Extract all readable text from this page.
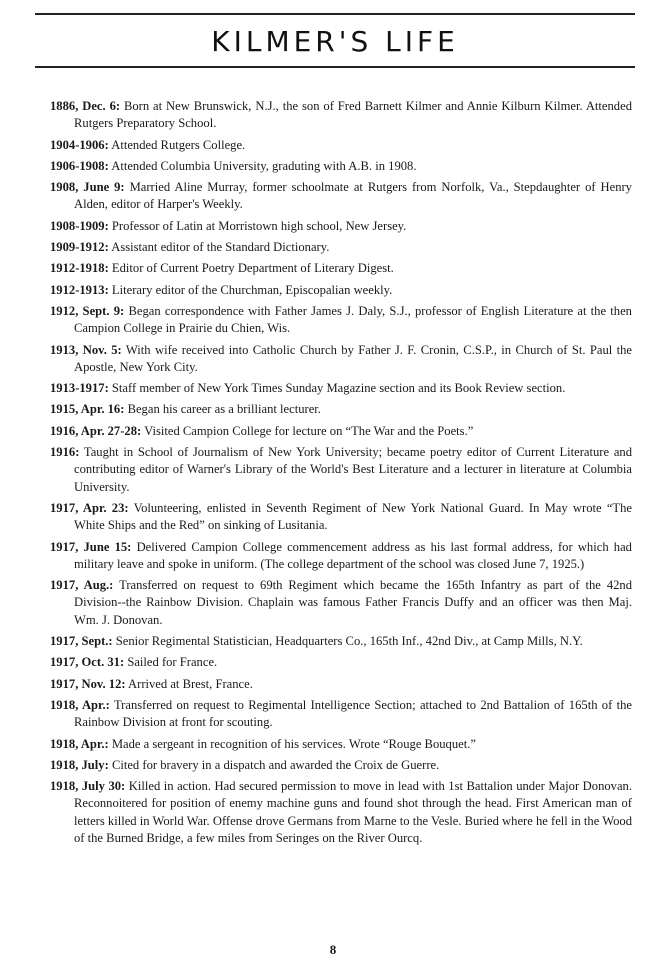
KILMER'S LIFE

1886, Dec. 6: Born at New Brunswick, N.J., the son of Fred Barnett Kilmer and Annie Kilburn Kilmer. Attended Rutgers Preparatory School.

1904-1906: Attended Rutgers College.

1906-1908: Attended Columbia University, graduting with A.B. in 1908.

1908, June 9: Married Aline Murray, former schoolmate at Rutgers from Norfolk, Va., Stepdaughter of Henry Alden, editor of Harper's Weekly.

1908-1909: Professor of Latin at Morristown high school, New Jersey.

1909-1912: Assistant editor of the Standard Dictionary.

1912-1918: Editor of Current Poetry Department of Literary Digest.

1912-1913: Literary editor of the Churchman, Episcopalian weekly.

1912, Sept. 9: Began correspondence with Father James J. Daly, S.J., professor of English Literature at the then Campion College in Prairie du Chien, Wis.

1913, Nov. 5: With wife received into Catholic Church by Father J. F. Cronin, C.S.P., in Church of St. Paul the Apostle, New York City.

1913-1917: Staff member of New York Times Sunday Magazine section and its Book Review section.

1915, Apr. 16: Began his career as a brilliant lecturer.

1916, Apr. 27-28: Visited Campion College for lecture on “The War and the Poets.”

1916: Taught in School of Journalism of New York University; became poetry editor of Current Literature and contributing editor of Warner's Library of the World's Best Literature and a lecturer in literature at Columbia University.

1917, Apr. 23: Volunteering, enlisted in Seventh Regiment of New York National Guard. In May wrote “The White Ships and the Red” on sinking of Lusitania.

1917, June 15: Delivered Campion College commencement address as his last formal address, for which had military leave and spoke in uniform. (The college department of the school was closed June 7, 1925.)

1917, Aug.: Transferred on request to 69th Regiment which became the 165th Infantry as part of the 42nd Division--the Rainbow Division. Chaplain was famous Father Francis Duffy and an officer was then Maj. Wm. J. Donovan.

1917, Sept.: Senior Regimental Statistician, Headquarters Co., 165th Inf., 42nd Div., at Camp Mills, N.Y.

1917, Oct. 31: Sailed for France.

1917, Nov. 12: Arrived at Brest, France.

1918, Apr.: Transferred on request to Regimental Intelligence Section; attached to 2nd Battalion of 165th of the Rainbow Division at front for scouting.

1918, Apr.: Made a sergeant in recognition of his services. Wrote “Rouge Bouquet.”

1918, July: Cited for bravery in a dispatch and awarded the Croix de Guerre.

1918, July 30: Killed in action. Had secured permission to move in lead with 1st Battalion under Major Donovan. Reconnoitered for position of enemy machine guns and found shot through the head. First American man of letters killed in World War. Offense drove Germans from Marne to the Vesle. Buried where he fell in the Wood of the Burned Bridge, a few miles from Seringes on the River Ourcq.

8
